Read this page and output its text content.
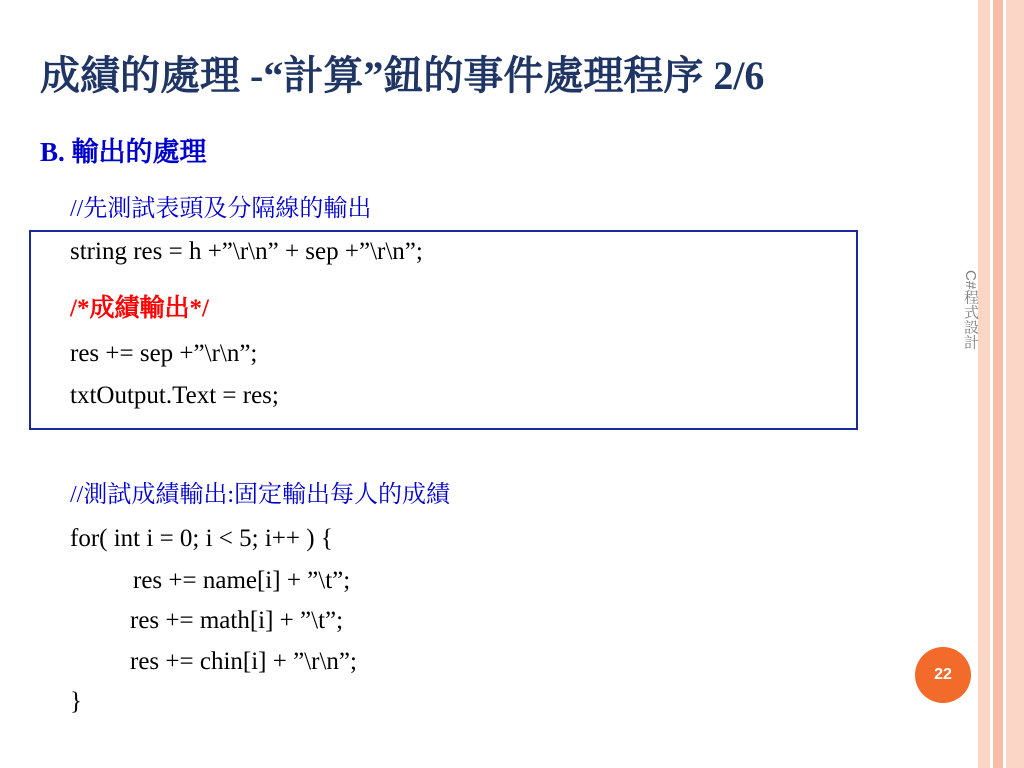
成績的處理 -“計算”鈕的事件處理程序 2/6
B. 輸出的處理
//先測試表頭及分隔線的輸出
string res = h +”\r\n” + sep +”\r\n”;
/*成績輸出*/
res += sep +”\r\n”;
txtOutput.Text = res;
//測試成績輸出:固定輸出每人的成績
for( int i = 0; i < 5; i++ ) {
res += name[i] + ”\t”;
res += math[i] + ”\t”;
res += chin[i] + ”\r\n”;
}
C#程式設計
22
